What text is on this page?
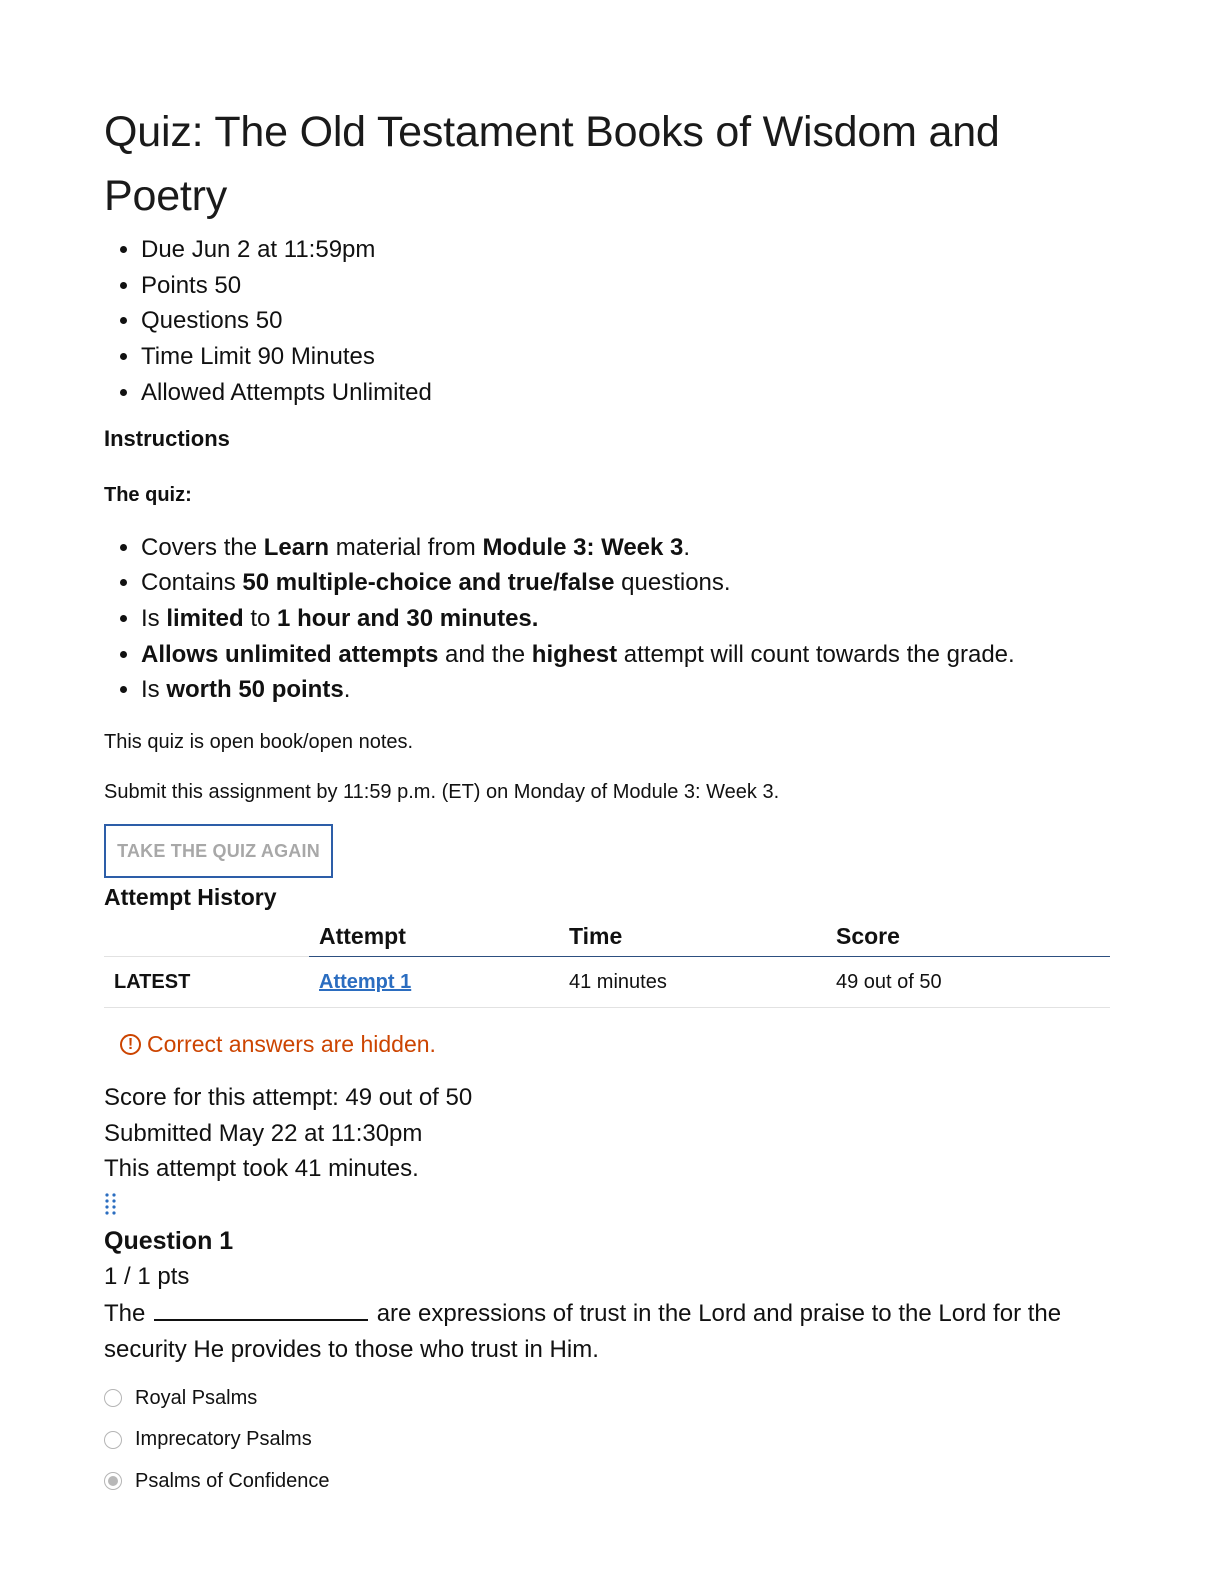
Quiz: The Old Testament Books of Wisdom and Poetry
• Due Jun 2 at 11:59pm
• Points 50
• Questions 50
• Time Limit 90 Minutes
• Allowed Attempts Unlimited
Instructions
The quiz:
• Covers the Learn material from Module 3: Week 3.
• Contains 50 multiple-choice and true/false questions.
• Is limited to 1 hour and 30 minutes.
• Allows unlimited attempts and the highest attempt will count towards the grade.
• Is worth 50 points.

This quiz is open book/open notes.

Submit this assignment by 11:59 p.m. (ET) on Monday of Module 3: Week 3.

TAKE THE QUIZ AGAIN
Attempt History
	Attempt	Time	Score
LATEST	Attempt 1	41 minutes	49 out of 50
! Correct answers are hidden.
Score for this attempt: 49 out of 50
Submitted May 22 at 11:30pm
This attempt took 41 minutes.
Question 1
1 / 1 pts
The	are expressions of trust in the Lord and praise to the Lord for the security He provides to those who trust in Him.
Royal Psalms
Imprecatory Psalms
Psalms of Confidence
